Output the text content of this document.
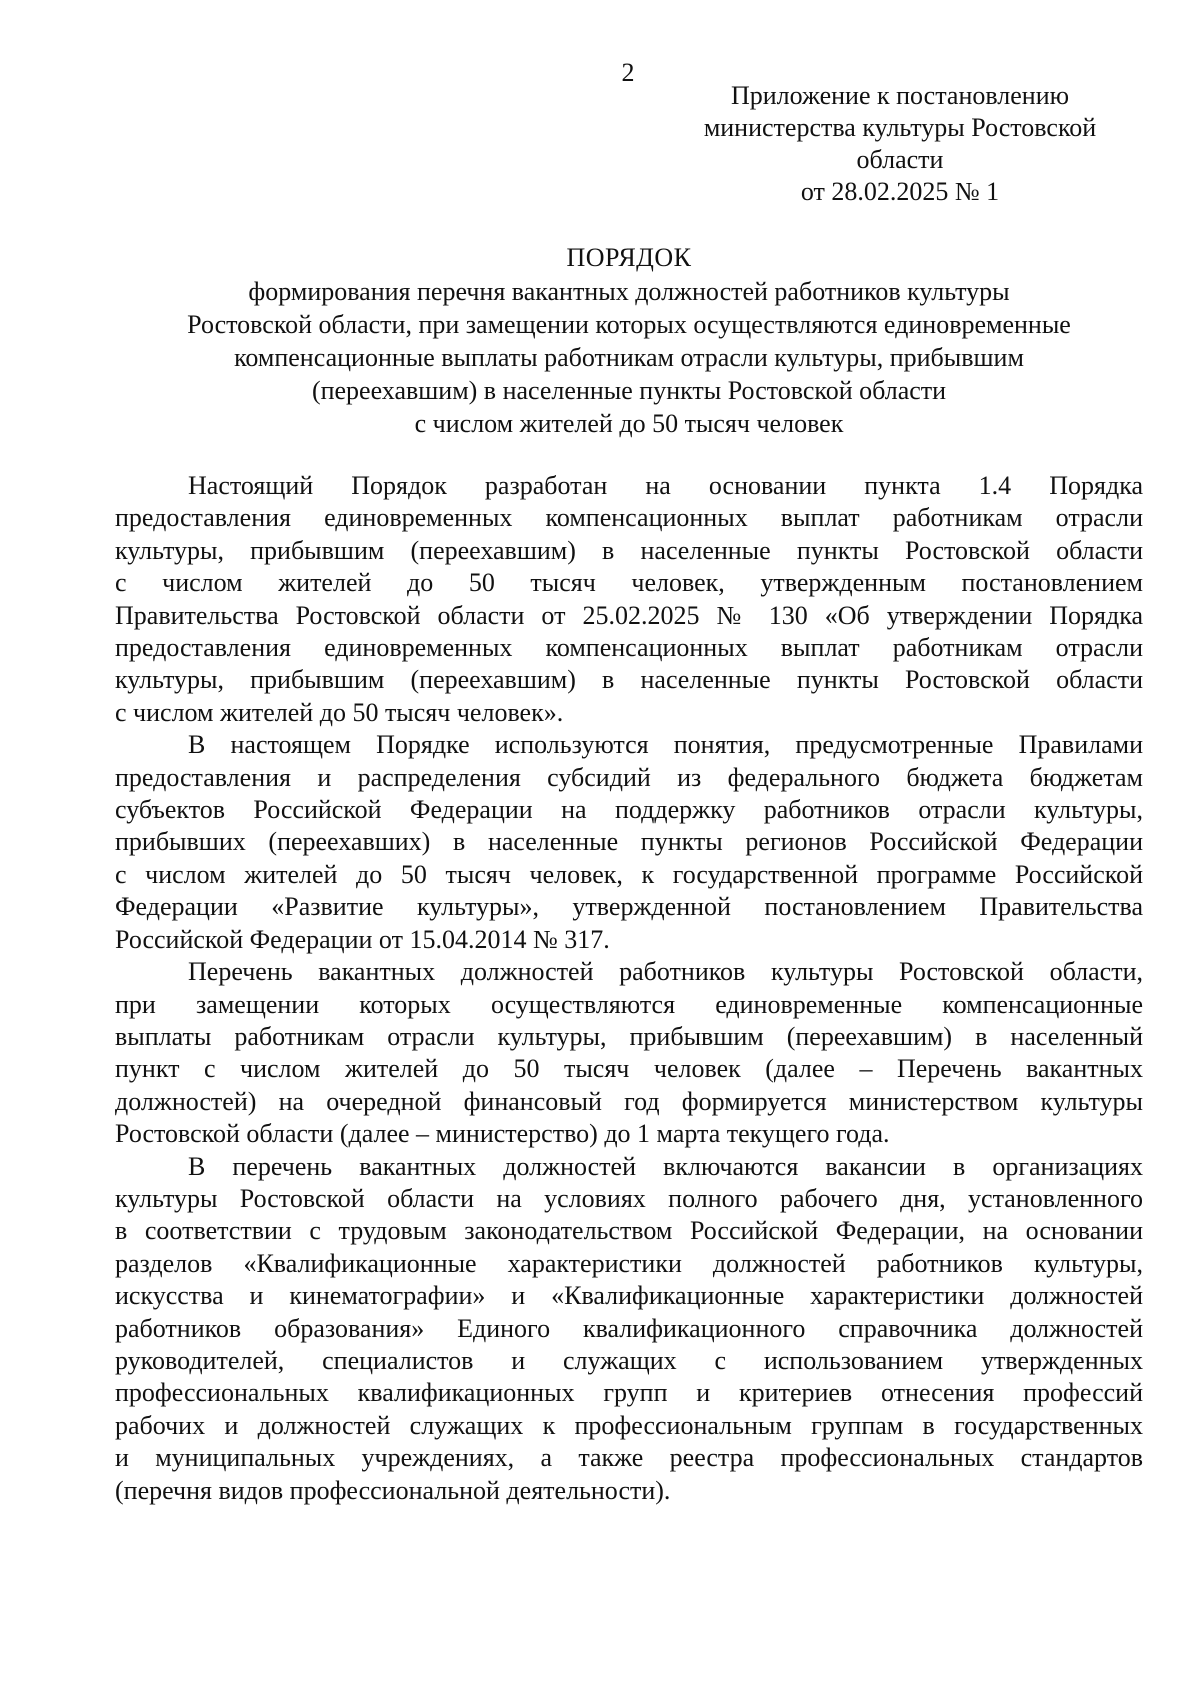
2
Приложение к постановлению
министерства культуры Ростовской
области
от 28.02.2025 № 1
ПОРЯДОК
формирования перечня вакантных должностей работников культуры
Ростовской области, при замещении которых осуществляются единовременные
компенсационные выплаты работникам отрасли культуры, прибывшим
(переехавшим) в населенные пункты Ростовской области
с числом жителей до 50 тысяч человек
Настоящий Порядок разработан на основании пункта 1.4 Порядка
предоставления единовременных компенсационных выплат работникам отрасли
культуры, прибывшим (переехавшим) в населенные пункты Ростовской области
с числом жителей до 50 тысяч человек, утвержденным постановлением
Правительства Ростовской области от 25.02.2025 № 130 «Об утверждении Порядка
предоставления единовременных компенсационных выплат работникам отрасли
культуры, прибывшим (переехавшим) в населенные пункты Ростовской области
с числом жителей до 50 тысяч человек».
В настоящем Порядке используются понятия, предусмотренные Правилами
предоставления и распределения субсидий из федерального бюджета бюджетам
субъектов Российской Федерации на поддержку работников отрасли культуры,
прибывших (переехавших) в населенные пункты регионов Российской Федерации
с числом жителей до 50 тысяч человек, к государственной программе Российской
Федерации «Развитие культуры», утвержденной постановлением Правительства
Российской Федерации от 15.04.2014 № 317.
Перечень вакантных должностей работников культуры Ростовской области,
при замещении которых осуществляются единовременные компенсационные
выплаты работникам отрасли культуры, прибывшим (переехавшим) в населенный
пункт с числом жителей до 50 тысяч человек (далее – Перечень вакантных
должностей) на очередной финансовый год формируется министерством культуры
Ростовской области (далее – министерство) до 1 марта текущего года.
В перечень вакантных должностей включаются вакансии в организациях
культуры Ростовской области на условиях полного рабочего дня, установленного
в соответствии с трудовым законодательством Российской Федерации, на основании
разделов «Квалификационные характеристики должностей работников культуры,
искусства и кинематографии» и «Квалификационные характеристики должностей
работников образования» Единого квалификационного справочника должностей
руководителей, специалистов и служащих с использованием утвержденных
профессиональных квалификационных групп и критериев отнесения профессий
рабочих и должностей служащих к профессиональным группам в государственных
и муниципальных учреждениях, а также реестра профессиональных стандартов
(перечня видов профессиональной деятельности).
